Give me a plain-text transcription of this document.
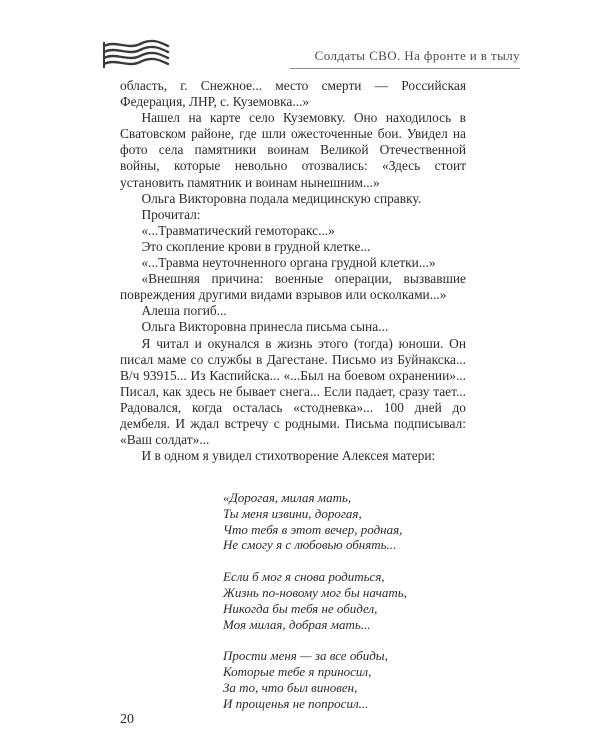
Солдаты СВО. На фронте и в тылу

область, г. Снежное... место смерти — Российская Федерация, ЛНР, с. Куземовка...»

Нашел на карте село Куземовку. Оно находилось в Сватовском районе, где шли ожесточенные бои. Увидел на фото села памятники воинам Великой Отечественной войны, которые невольно отозвались: «Здесь стоит установить памятник и воинам нынешним...»

Ольга Викторовна подала медицинскую справку.

Прочитал:

«...Травматический гемоторакс...»

Это скопление крови в грудной клетке...

«...Травма неуточненного органа грудной клетки...»

«Внешняя причина: военные операции, вызвавшие повреждения другими видами взрывов или осколками...»

Алеша погиб...

Ольга Викторовна принесла письма сына...

Я читал и окунался в жизнь этого (тогда) юноши. Он писал маме со службы в Дагестане. Письмо из Буйнакска... В/ч 93915... Из Каспийска... «...Был на боевом охранении»... Писал, как здесь не бывает снега... Если падает, сразу тает... Радовался, когда осталась «стодневка»... 100 дней до дембеля. И ждал встречу с родными. Письма подписывал: «Ваш солдат»...

И в одном я увидел стихотворение Алексея матери:

«Дорогая, милая мать,
Ты меня извини, дорогая,
Что тебя в этот вечер, родная,
Не смогу я с любовью обнять...
Если б мог я снова родиться,
Жизнь по-новому мог бы начать,
Никогда бы тебя не обидел,
Моя милая, добрая мать...
Прости меня — за все обиды,
Которые тебе я приносил,
За то, что был виновен,
И прощенья не попросил...
20
